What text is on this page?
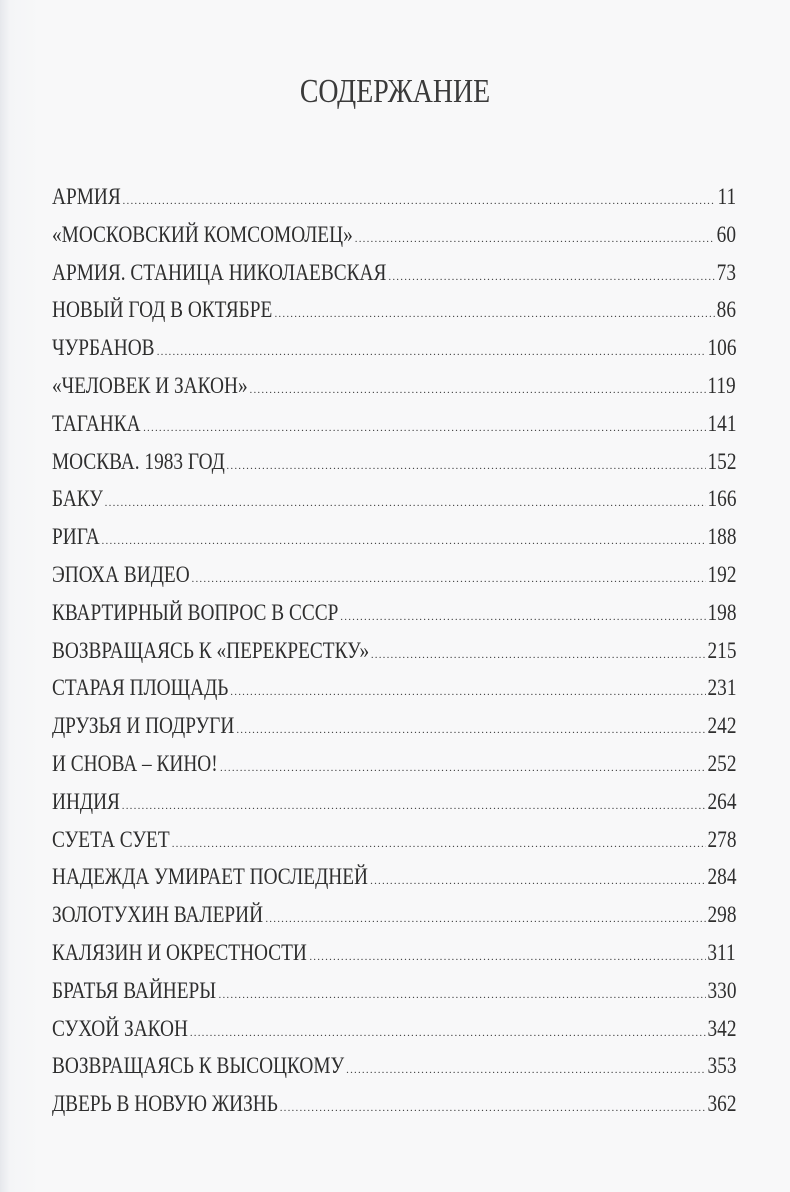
СОДЕРЖАНИЕ
АРМИЯ .....	11
«МОСКОВСКИЙ КОМСОМОЛЕЦ» .....	60
АРМИЯ. СТАНИЦА НИКОЛАЕВСКАЯ .....	73
НОВЫЙ ГОД В ОКТЯБРЕ .....	86
ЧУРБАНОВ .....	106
«ЧЕЛОВЕК И ЗАКОН» .....	119
ТАГАНКА .....	141
МОСКВА. 1983 ГОД .....	152
БАКУ .....	166
РИГА .....	188
ЭПОХА ВИДЕО .....	192
КВАРТИРНЫЙ ВОПРОС В СССР .....	198
ВОЗВРАЩАЯСЬ К «ПЕРЕКРЕСТКУ» .....	215
СТАРАЯ ПЛОЩАДЬ .....	231
ДРУЗЬЯ И ПОДРУГИ .....	242
И СНОВА – КИНО! .....	252
ИНДИЯ .....	264
СУЕТА СУЕТ .....	278
НАДЕЖДА УМИРАЕТ ПОСЛЕДНЕЙ .....	284
ЗОЛОТУХИН ВАЛЕРИЙ .....	298
КАЛЯЗИН И ОКРЕСТНОСТИ .....	311
БРАТЬЯ ВАЙНЕРЫ .....	330
СУХОЙ ЗАКОН .....	342
ВОЗВРАЩАЯСЬ К ВЫСОЦКОМУ .....	353
ДВЕРЬ В НОВУЮ ЖИЗНЬ .....	362
